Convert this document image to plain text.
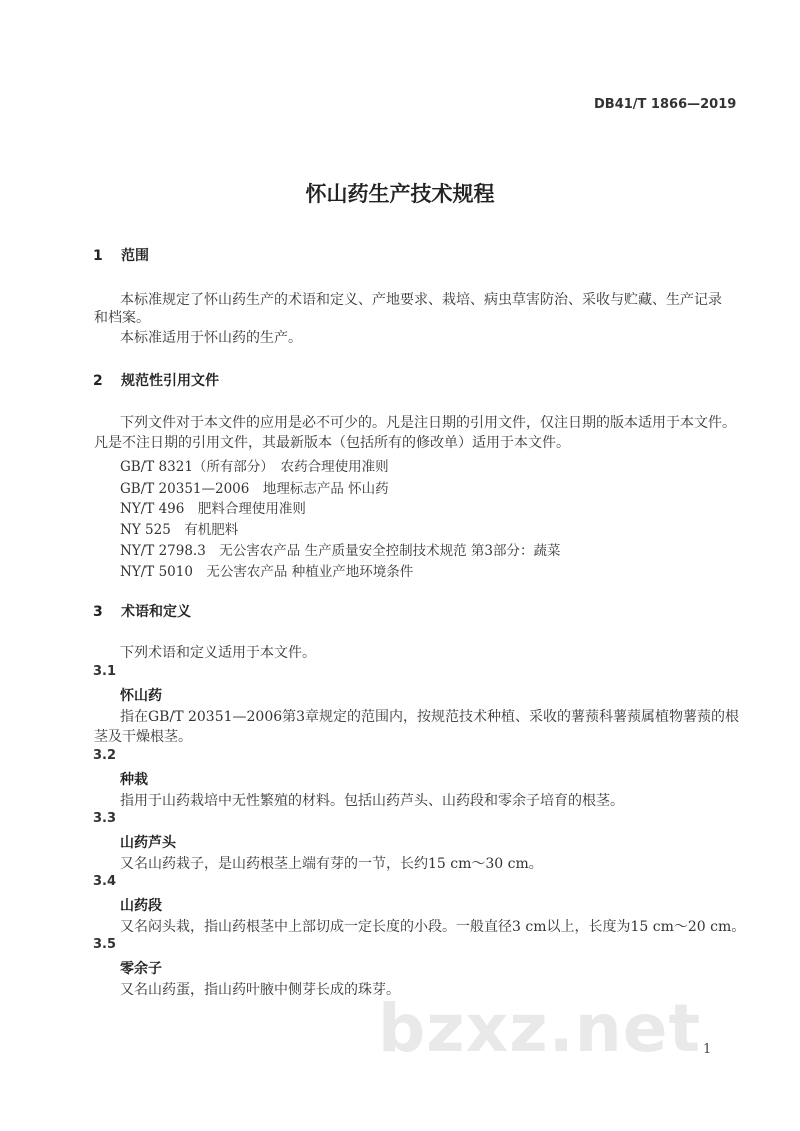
DB41/T 1866—2019
怀山药生产技术规程
1 范围
本标准规定了怀山药生产的术语和定义、产地要求、栽培、病虫草害防治、采收与贮藏、生产记录
和档案。
本标准适用于怀山药的生产。
2 规范性引用文件
下列文件对于本文件的应用是必不可少的。凡是注日期的引用文件，仅注日期的版本适用于本文件。
凡是不注日期的引用文件，其最新版本（包括所有的修改单）适用于本文件。
GB/T 8321（所有部分）　农药合理使用准则
GB/T 20351—2006　地理标志产品 怀山药
NY/T 496　肥料合理使用准则
NY 525　有机肥料
NY/T 2798.3　无公害农产品 生产质量安全控制技术规范 第3部分：蔬菜
NY/T 5010　无公害农产品 种植业产地环境条件
3 术语和定义
下列术语和定义适用于本文件。
3.1
怀山药
指在GB/T 20351—2006第3章规定的范围内，按规范技术种植、采收的薯蓣科薯蓣属植物薯蓣的根
茎及干燥根茎。
3.2
种栽
指用于山药栽培中无性繁殖的材料。包括山药芦头、山药段和零余子培育的根茎。
3.3
山药芦头
又名山药栽子，是山药根茎上端有芽的一节，长约15 cm～30 cm。
3.4
山药段
又名闷头栽，指山药根茎中上部切成一定长度的小段。一般直径3 cm以上，长度为15 cm～20 cm。
3.5
零余子
又名山药蛋，指山药叶腋中侧芽长成的珠芽。
bzxz.net 1
